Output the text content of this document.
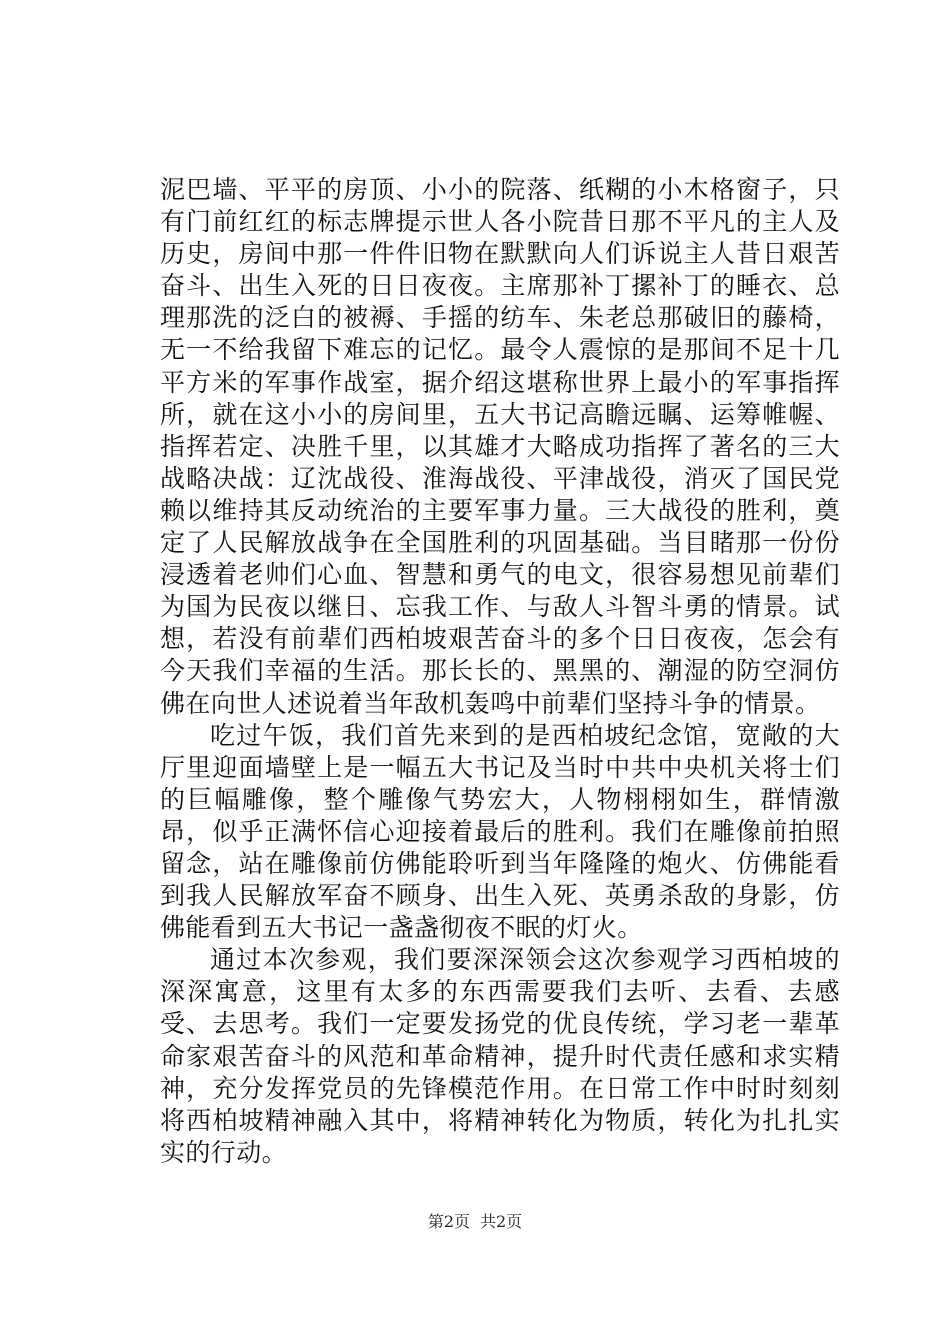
泥巴墙、平平的房顶、小小的院落、纸糊的小木格窗子，只有门前红红的标志牌提示世人各小院昔日那不平凡的主人及历史，房间中那一件件旧物在默默向人们诉说主人昔日艰苦奋斗、出生入死的日日夜夜。主席那补丁摞补丁的睡衣、总理那洗的泛白的被褥、手摇的纺车、朱老总那破旧的藤椅，无一不给我留下难忘的记忆。最令人震惊的是那间不足十几平方米的军事作战室，据介绍这堪称世界上最小的军事指挥所，就在这小小的房间里，五大书记高瞻远瞩、运筹帷幄、指挥若定、决胜千里，以其雄才大略成功指挥了著名的三大战略决战：辽沈战役、淮海战役、平津战役，消灭了国民党赖以维持其反动统治的主要军事力量。三大战役的胜利，奠定了人民解放战争在全国胜利的巩固基础。当目睹那一份份浸透着老帅们心血、智慧和勇气的电文，很容易想见前辈们为国为民夜以继日、忘我工作、与敌人斗智斗勇的情景。试想，若没有前辈们西柏坡艰苦奋斗的多个日日夜夜，怎会有今天我们幸福的生活。那长长的、黑黑的、潮湿的防空洞仿佛在向世人述说着当年敌机轰鸣中前辈们坚持斗争的情景。

吃过午饭，我们首先来到的是西柏坡纪念馆，宽敞的大厅里迎面墙壁上是一幅五大书记及当时中共中央机关将士们的巨幅雕像，整个雕像气势宏大，人物栩栩如生，群情激昂，似乎正满怀信心迎接着最后的胜利。我们在雕像前拍照留念，站在雕像前仿佛能聆听到当年隆隆的炮火、仿佛能看到我人民解放军奋不顾身、出生入死、英勇杀敌的身影，仿佛能看到五大书记一盏盏彻夜不眠的灯火。

通过本次参观，我们要深深领会这次参观学习西柏坡的深深寓意，这里有太多的东西需要我们去听、去看、去感受、去思考。我们一定要发扬党的优良传统，学习老一辈革命家艰苦奋斗的风范和革命精神，提升时代责任感和求实精神，充分发挥党员的先锋模范作用。在日常工作中时时刻刻将西柏坡精神融入其中，将精神转化为物质，转化为扎扎实实的行动。

第2页 共2页
